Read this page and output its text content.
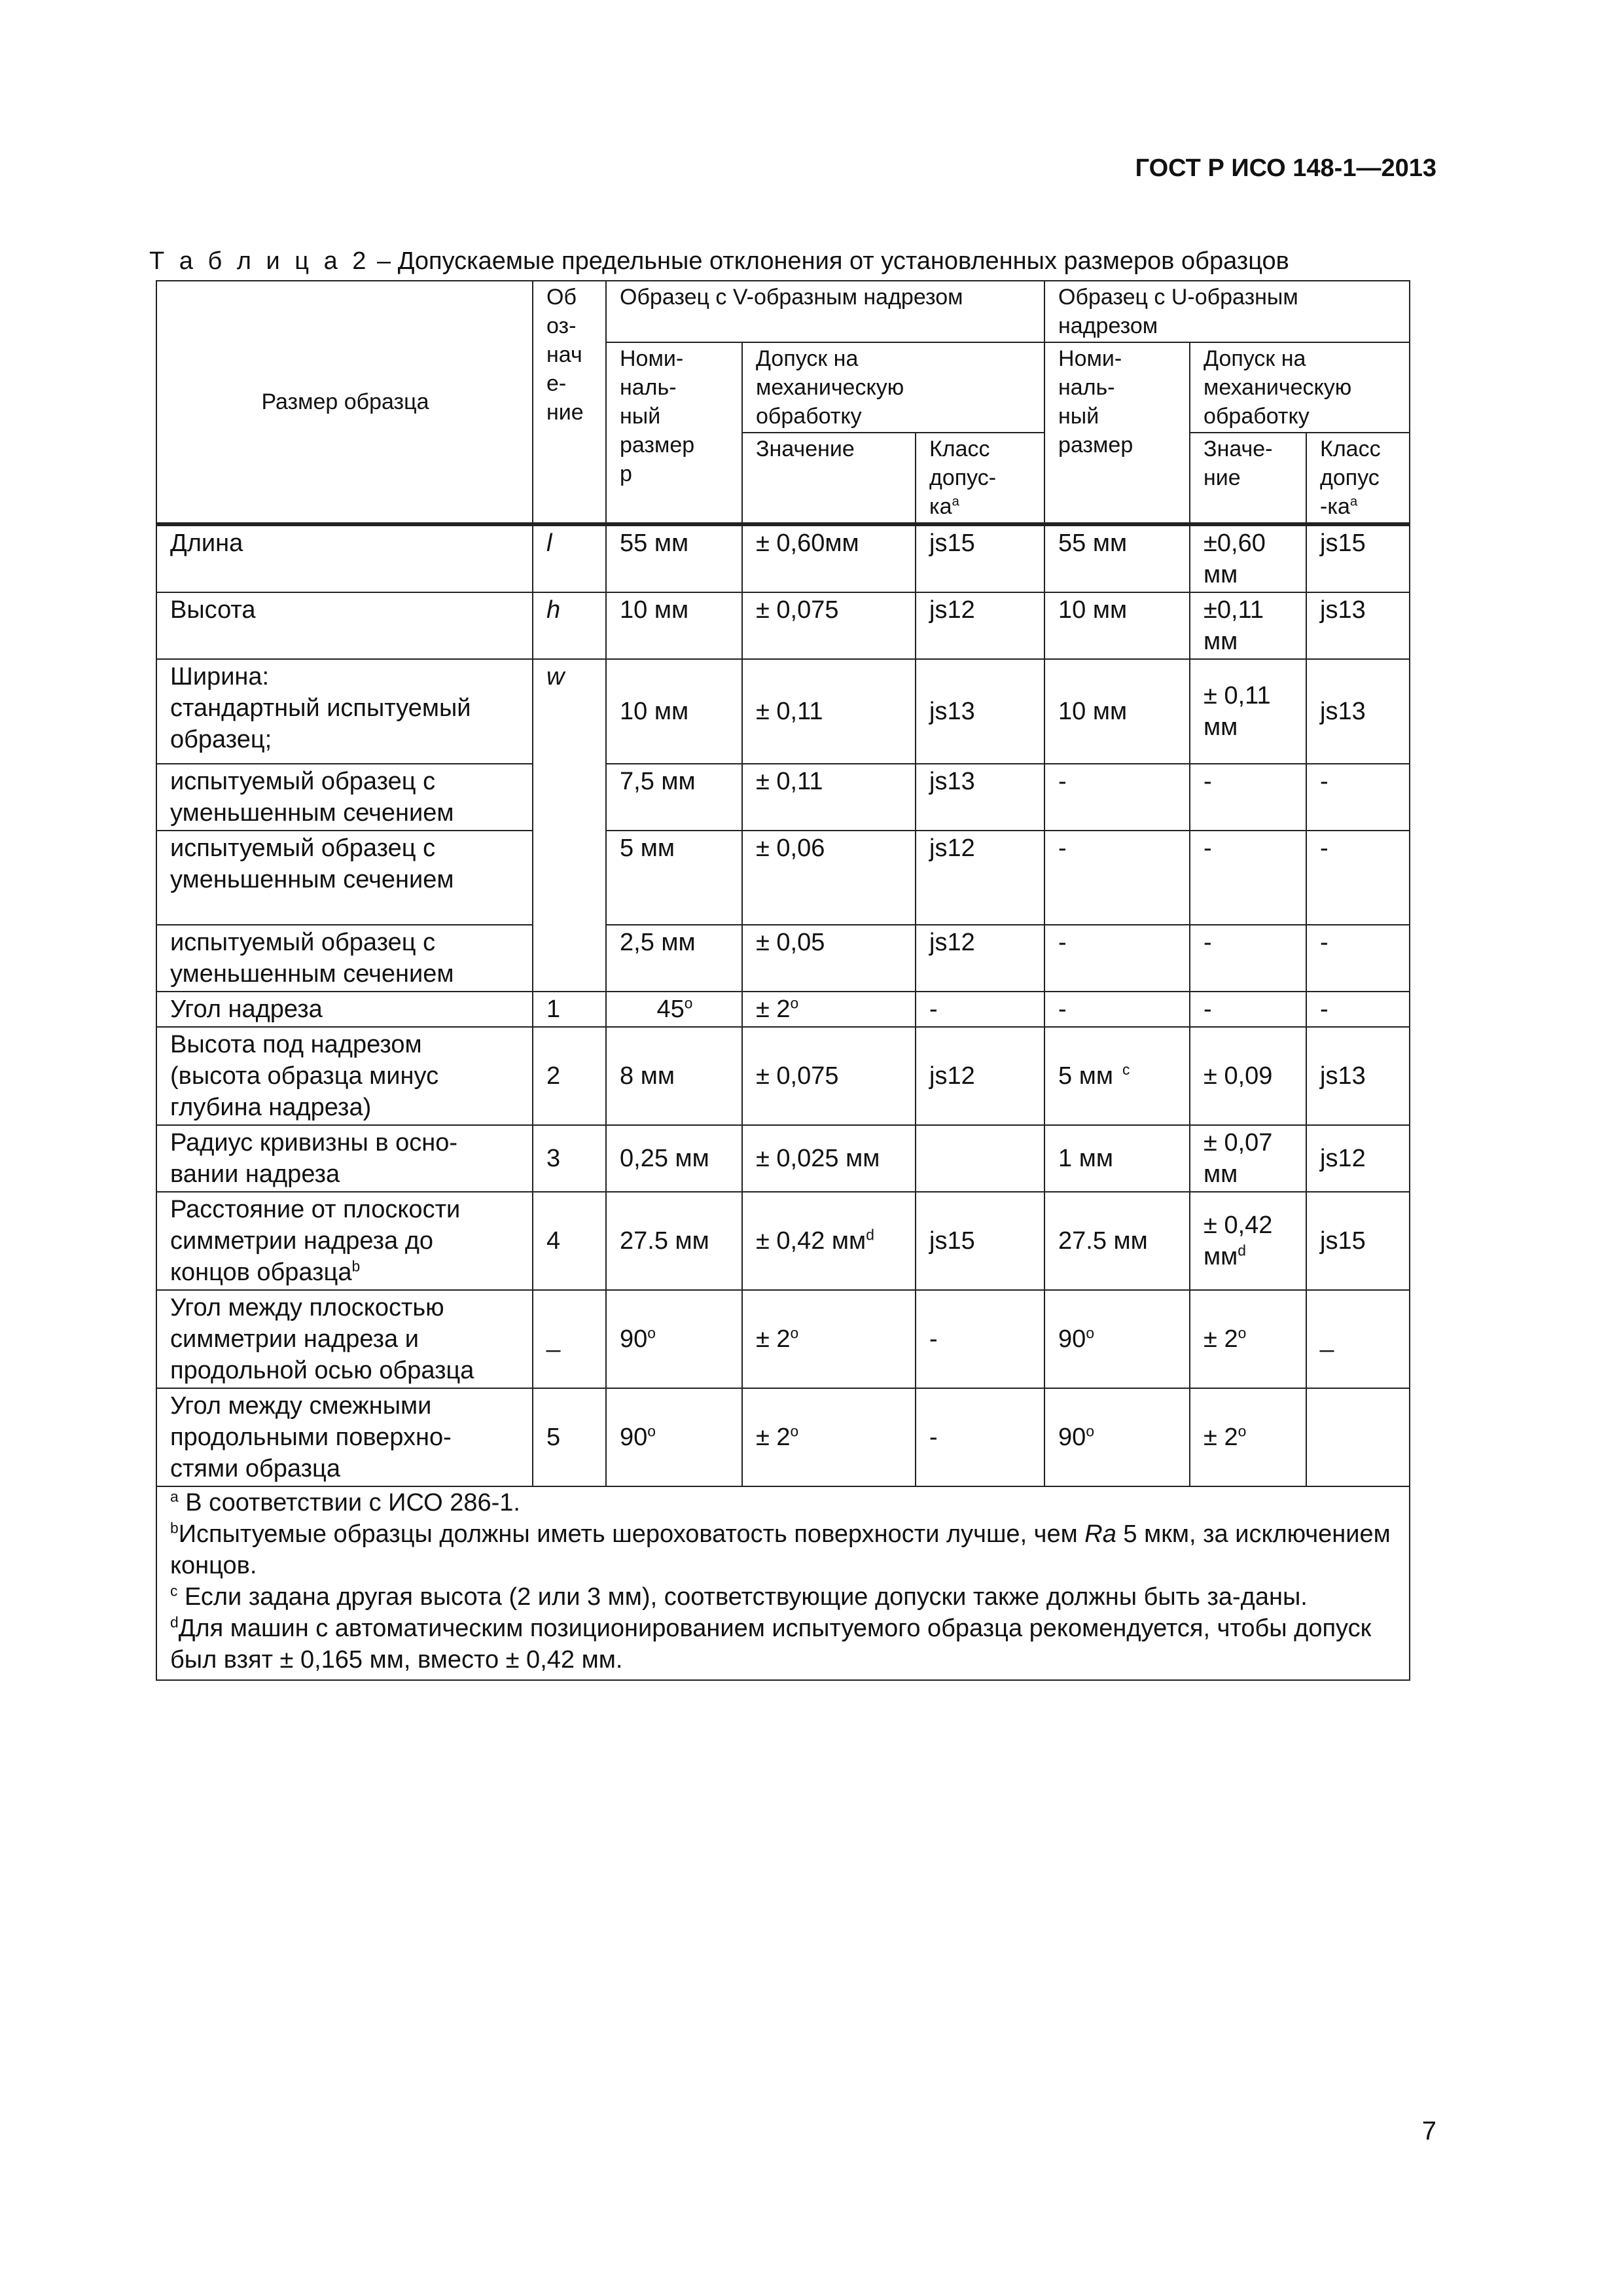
ГОСТ Р ИСО 148-1—2013
Т а б л и ц а 2 – Допускаемые предельные отклонения от установленных размеров образцов
Размер образца	Об
оз-
нач
е-
ние	Образец с V-образным надрезом			Образец с U-образным надрезом		
		Номи-
наль-
ный
размер
р	Допуск на
механическую
обработку		Номи-
наль-
ный
размер	Допуск на
механическую
обработку	
			Значение	Класс
допус-
$ка^a$		Значе-
ние	Класс
допус
$-ка^a$

Длина	l	55 мм	± 0,60мм	js15	55 мм	±0,60
мм	js15
Высота	h	10 мм	± 0,075	js12	10 мм	±0,11
мм	js13
Ширина:
стандартный испытуемый
образец;	w	10 мм	± 0,11	js13	10 мм	± 0,11
мм	js13
испытуемый образец с
уменьшенным сечением		7,5 мм	± 0,11	js13	-	-	-
испытуемый образец с
уменьшенным сечением		5 мм	± 0,06	js12	-	-	-
испытуемый образец с
уменьшенным сечением		2,5 мм	± 0,05	js12	-	-	-
Угол надреза	1	$45^о$	± $2^о$	-	-	-	-
Высота под надрезом
(высота образца минус
глубина надреза)	2	8 мм	± 0,075	js12	5 мм $^c$	± 0,09	js13
Радиус кривизны в осно-
вании надреза	3	0,25 мм	± 0,025 мм		1 мм	± 0,07
мм	js12
Расстояние от плоскости
симметрии надреза до
концов образца$^b$	4	27.5 мм	± 0,42 $мм^d$	js15	27.5 мм	± 0,42
$мм^d$	js15
Угол между плоскостью
симметрии надреза и
продольной осью образца	_	$90^о$	± $2^о$	-	$90^о$	± $2^о$	_
Угол между смежными
продольными поверхно-
стями образца	5	$90^о$	± $2^о$	-	$90^о$	± $2^о$	

$^a$ В соответствии с ИСО 286-1.
$^b$Испытуемые образцы должны иметь шероховатость поверхности лучше, чем Ra 5 мкм, за исключением концов.
$^c$ Если задана другая высота (2 или 3 мм), соответствующие допуски также должны быть за-даны.
$^d$Для машин с автоматическим позиционированием испытуемого образца рекомендуется, чтобы допуск был взят ± 0,165 мм, вместо ± 0,42 мм.							
7
